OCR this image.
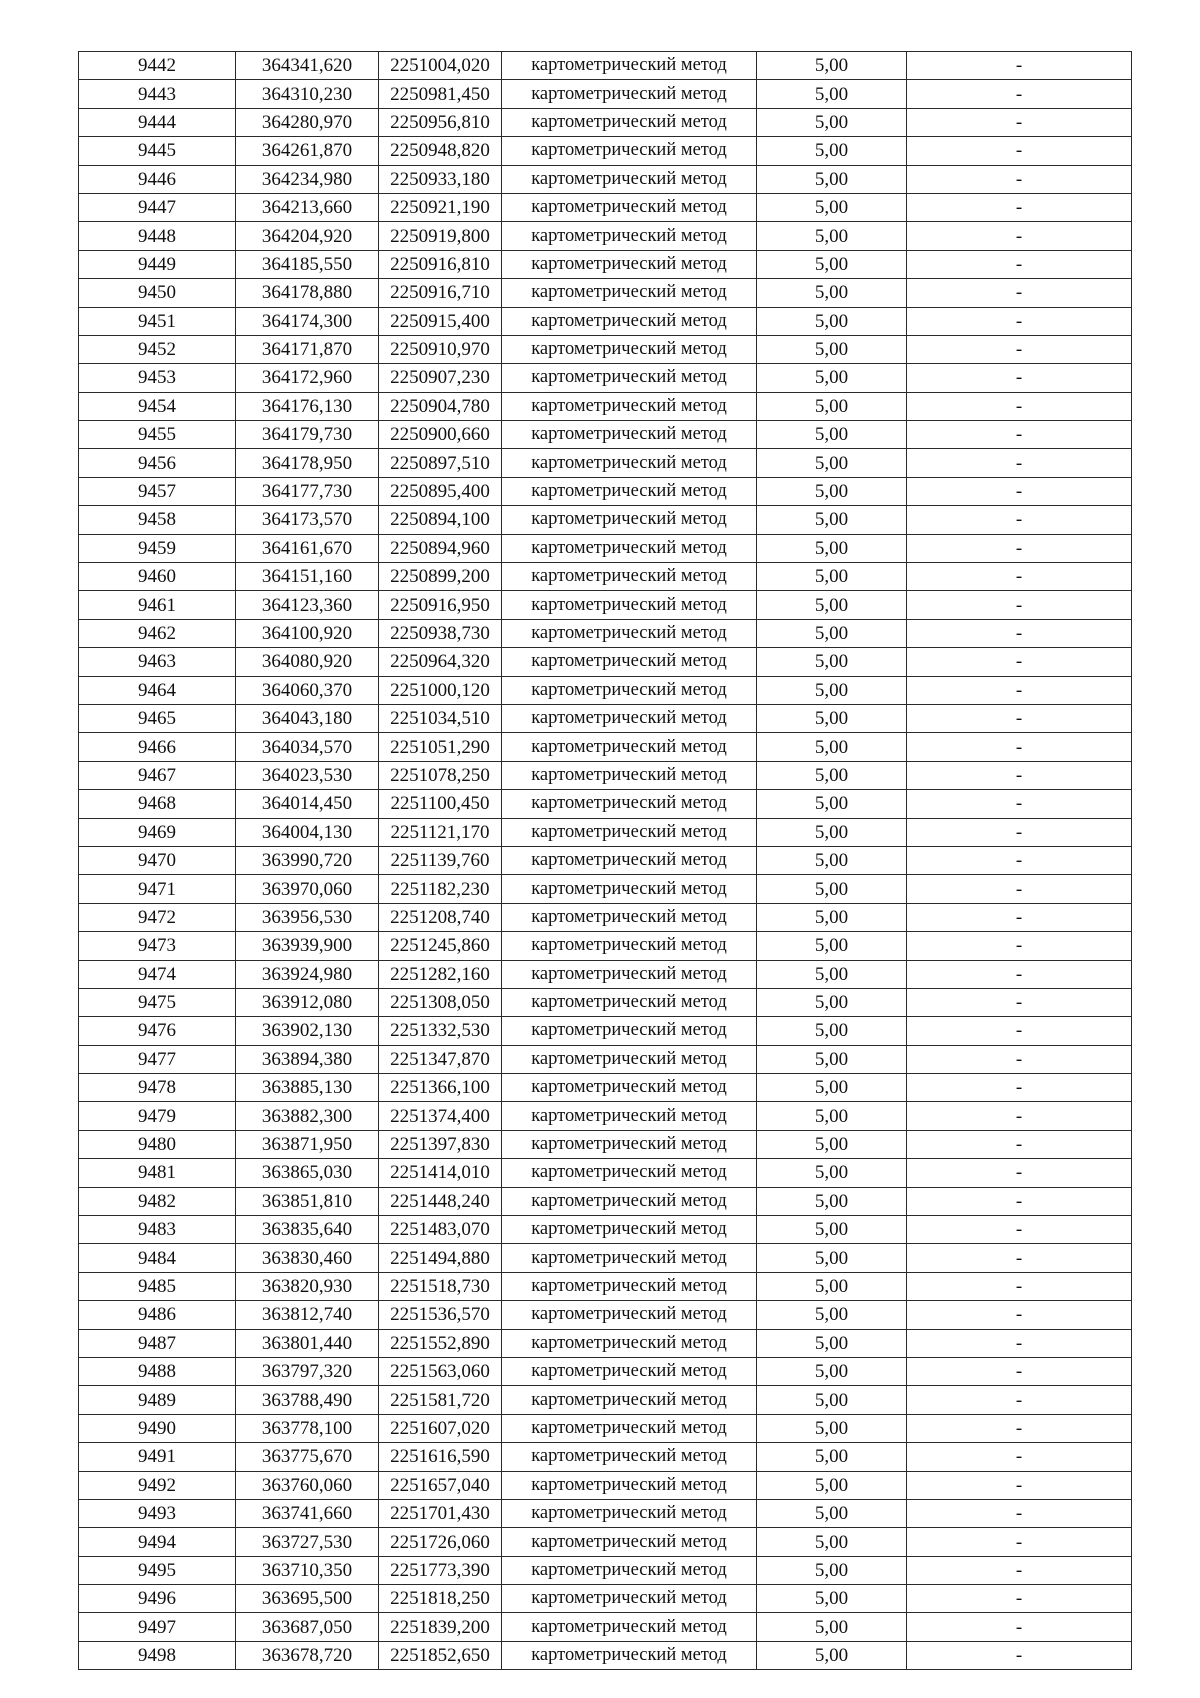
9442	364341,620	2251004,020	картометрический метод	5,00	-
9443	364310,230	2250981,450	картометрический метод	5,00	-
9444	364280,970	2250956,810	картометрический метод	5,00	-
9445	364261,870	2250948,820	картометрический метод	5,00	-
9446	364234,980	2250933,180	картометрический метод	5,00	-
9447	364213,660	2250921,190	картометрический метод	5,00	-
9448	364204,920	2250919,800	картометрический метод	5,00	-
9449	364185,550	2250916,810	картометрический метод	5,00	-
9450	364178,880	2250916,710	картометрический метод	5,00	-
9451	364174,300	2250915,400	картометрический метод	5,00	-
9452	364171,870	2250910,970	картометрический метод	5,00	-
9453	364172,960	2250907,230	картометрический метод	5,00	-
9454	364176,130	2250904,780	картометрический метод	5,00	-
9455	364179,730	2250900,660	картометрический метод	5,00	-
9456	364178,950	2250897,510	картометрический метод	5,00	-
9457	364177,730	2250895,400	картометрический метод	5,00	-
9458	364173,570	2250894,100	картометрический метод	5,00	-
9459	364161,670	2250894,960	картометрический метод	5,00	-
9460	364151,160	2250899,200	картометрический метод	5,00	-
9461	364123,360	2250916,950	картометрический метод	5,00	-
9462	364100,920	2250938,730	картометрический метод	5,00	-
9463	364080,920	2250964,320	картометрический метод	5,00	-
9464	364060,370	2251000,120	картометрический метод	5,00	-
9465	364043,180	2251034,510	картометрический метод	5,00	-
9466	364034,570	2251051,290	картометрический метод	5,00	-
9467	364023,530	2251078,250	картометрический метод	5,00	-
9468	364014,450	2251100,450	картометрический метод	5,00	-
9469	364004,130	2251121,170	картометрический метод	5,00	-
9470	363990,720	2251139,760	картометрический метод	5,00	-
9471	363970,060	2251182,230	картометрический метод	5,00	-
9472	363956,530	2251208,740	картометрический метод	5,00	-
9473	363939,900	2251245,860	картометрический метод	5,00	-
9474	363924,980	2251282,160	картометрический метод	5,00	-
9475	363912,080	2251308,050	картометрический метод	5,00	-
9476	363902,130	2251332,530	картометрический метод	5,00	-
9477	363894,380	2251347,870	картометрический метод	5,00	-
9478	363885,130	2251366,100	картометрический метод	5,00	-
9479	363882,300	2251374,400	картометрический метод	5,00	-
9480	363871,950	2251397,830	картометрический метод	5,00	-
9481	363865,030	2251414,010	картометрический метод	5,00	-
9482	363851,810	2251448,240	картометрический метод	5,00	-
9483	363835,640	2251483,070	картометрический метод	5,00	-
9484	363830,460	2251494,880	картометрический метод	5,00	-
9485	363820,930	2251518,730	картометрический метод	5,00	-
9486	363812,740	2251536,570	картометрический метод	5,00	-
9487	363801,440	2251552,890	картометрический метод	5,00	-
9488	363797,320	2251563,060	картометрический метод	5,00	-
9489	363788,490	2251581,720	картометрический метод	5,00	-
9490	363778,100	2251607,020	картометрический метод	5,00	-
9491	363775,670	2251616,590	картометрический метод	5,00	-
9492	363760,060	2251657,040	картометрический метод	5,00	-
9493	363741,660	2251701,430	картометрический метод	5,00	-
9494	363727,530	2251726,060	картометрический метод	5,00	-
9495	363710,350	2251773,390	картометрический метод	5,00	-
9496	363695,500	2251818,250	картометрический метод	5,00	-
9497	363687,050	2251839,200	картометрический метод	5,00	-
9498	363678,720	2251852,650	картометрический метод	5,00	-
